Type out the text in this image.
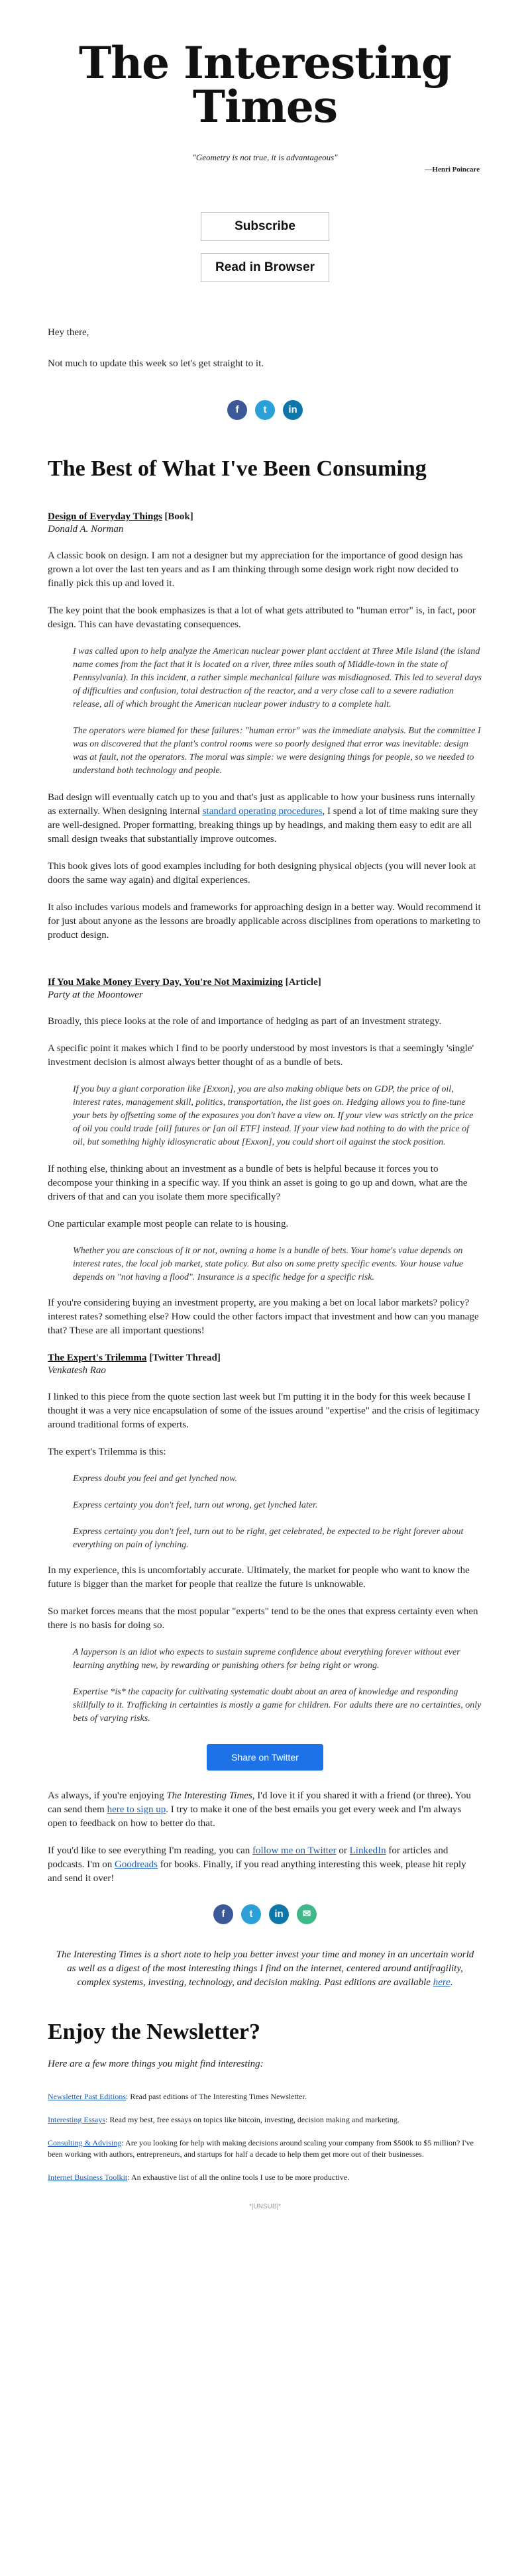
The Interesting Times
"Geometry is not true, it is advantageous"
—Henri Poincare
Subscribe
Read in Browser

Hey there,

Not much to update this week so let's get straight to it.

f t in
The Best of What I've Been Consuming
Design of Everyday Things [Book]
Donald A. Norman

A classic book on design. I am not a designer but my appreciation for the importance of good design has grown a lot over the last ten years and as I am thinking through some design work right now decided to finally pick this up and loved it.

The key point that the book emphasizes is that a lot of what gets attributed to "human error" is, in fact, poor design. This can have devastating consequences.

I was called upon to help analyze the American nuclear power plant accident at Three Mile Island (the island name comes from the fact that it is located on a river, three miles south of Middle-town in the state of Pennsylvania). In this incident, a rather simple mechanical failure was misdiagnosed. This led to several days of difficulties and confusion, total destruction of the reactor, and a very close call to a severe radiation release, all of which brought the American nuclear power industry to a complete halt.
The operators were blamed for these failures: "human error" was the immediate analysis. But the committee I was on discovered that the plant's control rooms were so poorly designed that error was inevitable: design was at fault, not the operators. The moral was simple: we were designing things for people, so we needed to understand both technology and people.

Bad design will eventually catch up to you and that's just as applicable to how your business runs internally as externally. When designing internal standard operating procedures, I spend a lot of time making sure they are well-designed. Proper formatting, breaking things up by headings, and making them easy to edit are all small design tweaks that substantially improve outcomes.

This book gives lots of good examples including for both designing physical objects (you will never look at doors the same way again) and digital experiences.

It also includes various models and frameworks for approaching design in a better way. Would recommend it for just about anyone as the lessons are broadly applicable across disciplines from operations to marketing to product design.

If You Make Money Every Day, You're Not Maximizing [Article]
Party at the Moontower

Broadly, this piece looks at the role of and importance of hedging as part of an investment strategy.

A specific point it makes which I find to be poorly understood by most investors is that a seemingly 'single' investment decision is almost always better thought of as a bundle of bets.

If you buy a giant corporation like [Exxon], you are also making oblique bets on GDP, the price of oil, interest rates, management skill, politics, transportation, the list goes on. Hedging allows you to fine-tune your bets by offsetting some of the exposures you don't have a view on. If your view was strictly on the price of oil you could trade [oil] futures or [an oil ETF] instead. If your view had nothing to do with the price of oil, but something highly idiosyncratic about [Exxon], you could short oil against the stock position.

If nothing else, thinking about an investment as a bundle of bets is helpful because it forces you to decompose your thinking in a specific way. If you think an asset is going to go up and down, what are the drivers of that and can you isolate them more specifically?

One particular example most people can relate to is housing.

Whether you are conscious of it or not, owning a home is a bundle of bets. Your home's value depends on interest rates, the local job market, state policy. But also on some pretty specific events. Your house value depends on "not having a flood". Insurance is a specific hedge for a specific risk.

If you're considering buying an investment property, are you making a bet on local labor markets? policy? interest rates? something else? How could the other factors impact that investment and how can you manage that? These are all important questions!

The Expert's Trilemma [Twitter Thread]
Venkatesh Rao

I linked to this piece from the quote section last week but I'm putting it in the body for this week because I thought it was a very nice encapsulation of some of the issues around "expertise" and the crisis of legitimacy around traditional forms of experts.

The expert's Trilemma is this:

Express doubt you feel and get lynched now.
Express certainty you don't feel, turn out wrong, get lynched later.
Express certainty you don't feel, turn out to be right, get celebrated, be expected to be right forever about everything on pain of lynching.

In my experience, this is uncomfortably accurate. Ultimately, the market for people who want to know the future is bigger than the market for people that realize the future is unknowable.

So market forces means that the most popular "experts" tend to be the ones that express certainty even when there is no basis for doing so.

A layperson is an idiot who expects to sustain supreme confidence about everything forever without ever learning anything new, by rewarding or punishing others for being right or wrong.
Expertise *is* the capacity for cultivating systematic doubt about an area of knowledge and responding skillfully to it. Trafficking in certainties is mostly a game for children. For adults there are no certainties, only bets of varying risks.
Share on Twitter

As always, if you're enjoying The Interesting Times, I'd love it if you shared it with a friend (or three). You can send them here to sign up. I try to make it one of the best emails you get every week and I'm always open to feedback on how to better do that.

If you'd like to see everything I'm reading, you can follow me on Twitter or LinkedIn for articles and podcasts. I'm on Goodreads for books. Finally, if you read anything interesting this week, please hit reply and send it over!

f t in ✉

The Interesting Times is a short note to help you better invest your time and money in an uncertain world as well as a digest of the most interesting things I find on the internet, centered around antifragility, complex systems, investing, technology, and decision making. Past editions are available here.

Enjoy the Newsletter?

Here are a few more things you might find interesting:

Newsletter Past Editions: Read past editions of The Interesting Times Newsletter.

Interesting Essays: Read my best, free essays on topics like bitcoin, investing, decision making and marketing.

Consulting & Advising: Are you looking for help with making decisions around scaling your company from $500k to $5 million? I've been working with authors, entrepreneurs, and startups for half a decade to help them get more out of their businesses.

Internet Business Toolkit: An exhaustive list of all the online tools I use to be more productive.

*|UNSUB|*
